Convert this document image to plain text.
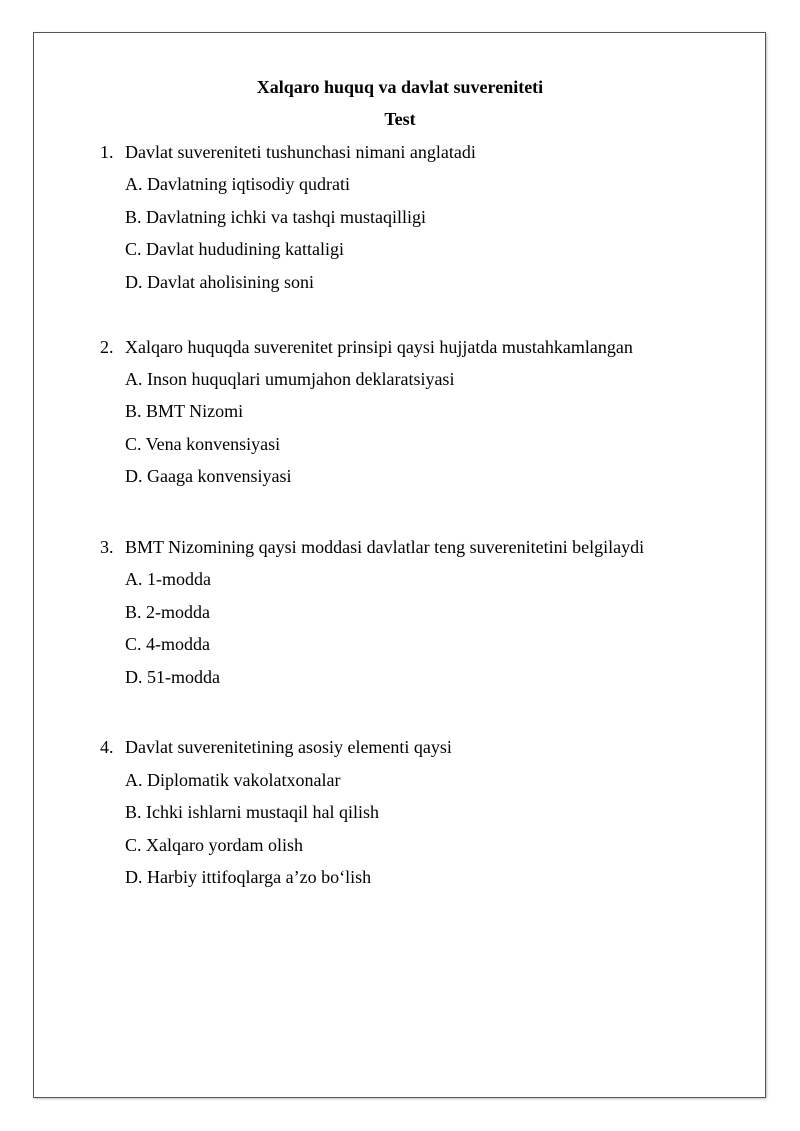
Xalqaro huquq va davlat suvereniteti
Test
1. Davlat suvereniteti tushunchasi nimani anglatadi
A. Davlatning iqtisodiy qudrati
B. Davlatning ichki va tashqi mustaqilligi
C. Davlat hududining kattaligi
D. Davlat aholisining soni
2. Xalqaro huquqda suverenitet prinsipi qaysi hujjatda mustahkamlangan
A. Inson huquqlari umumjahon deklaratsiyasi
B. BMT Nizomi
C. Vena konvensiyasi
D. Gaaga konvensiyasi
3. BMT Nizomining qaysi moddasi davlatlar teng suverenitetini belgilaydi
A. 1-modda
B. 2-modda
C. 4-modda
D. 51-modda
4. Davlat suverenitetining asosiy elementi qaysi
A. Diplomatik vakolatxonalar
B. Ichki ishlarni mustaqil hal qilish
C. Xalqaro yordam olish
D. Harbiy ittifoqlarga a’zo bo‘lish
